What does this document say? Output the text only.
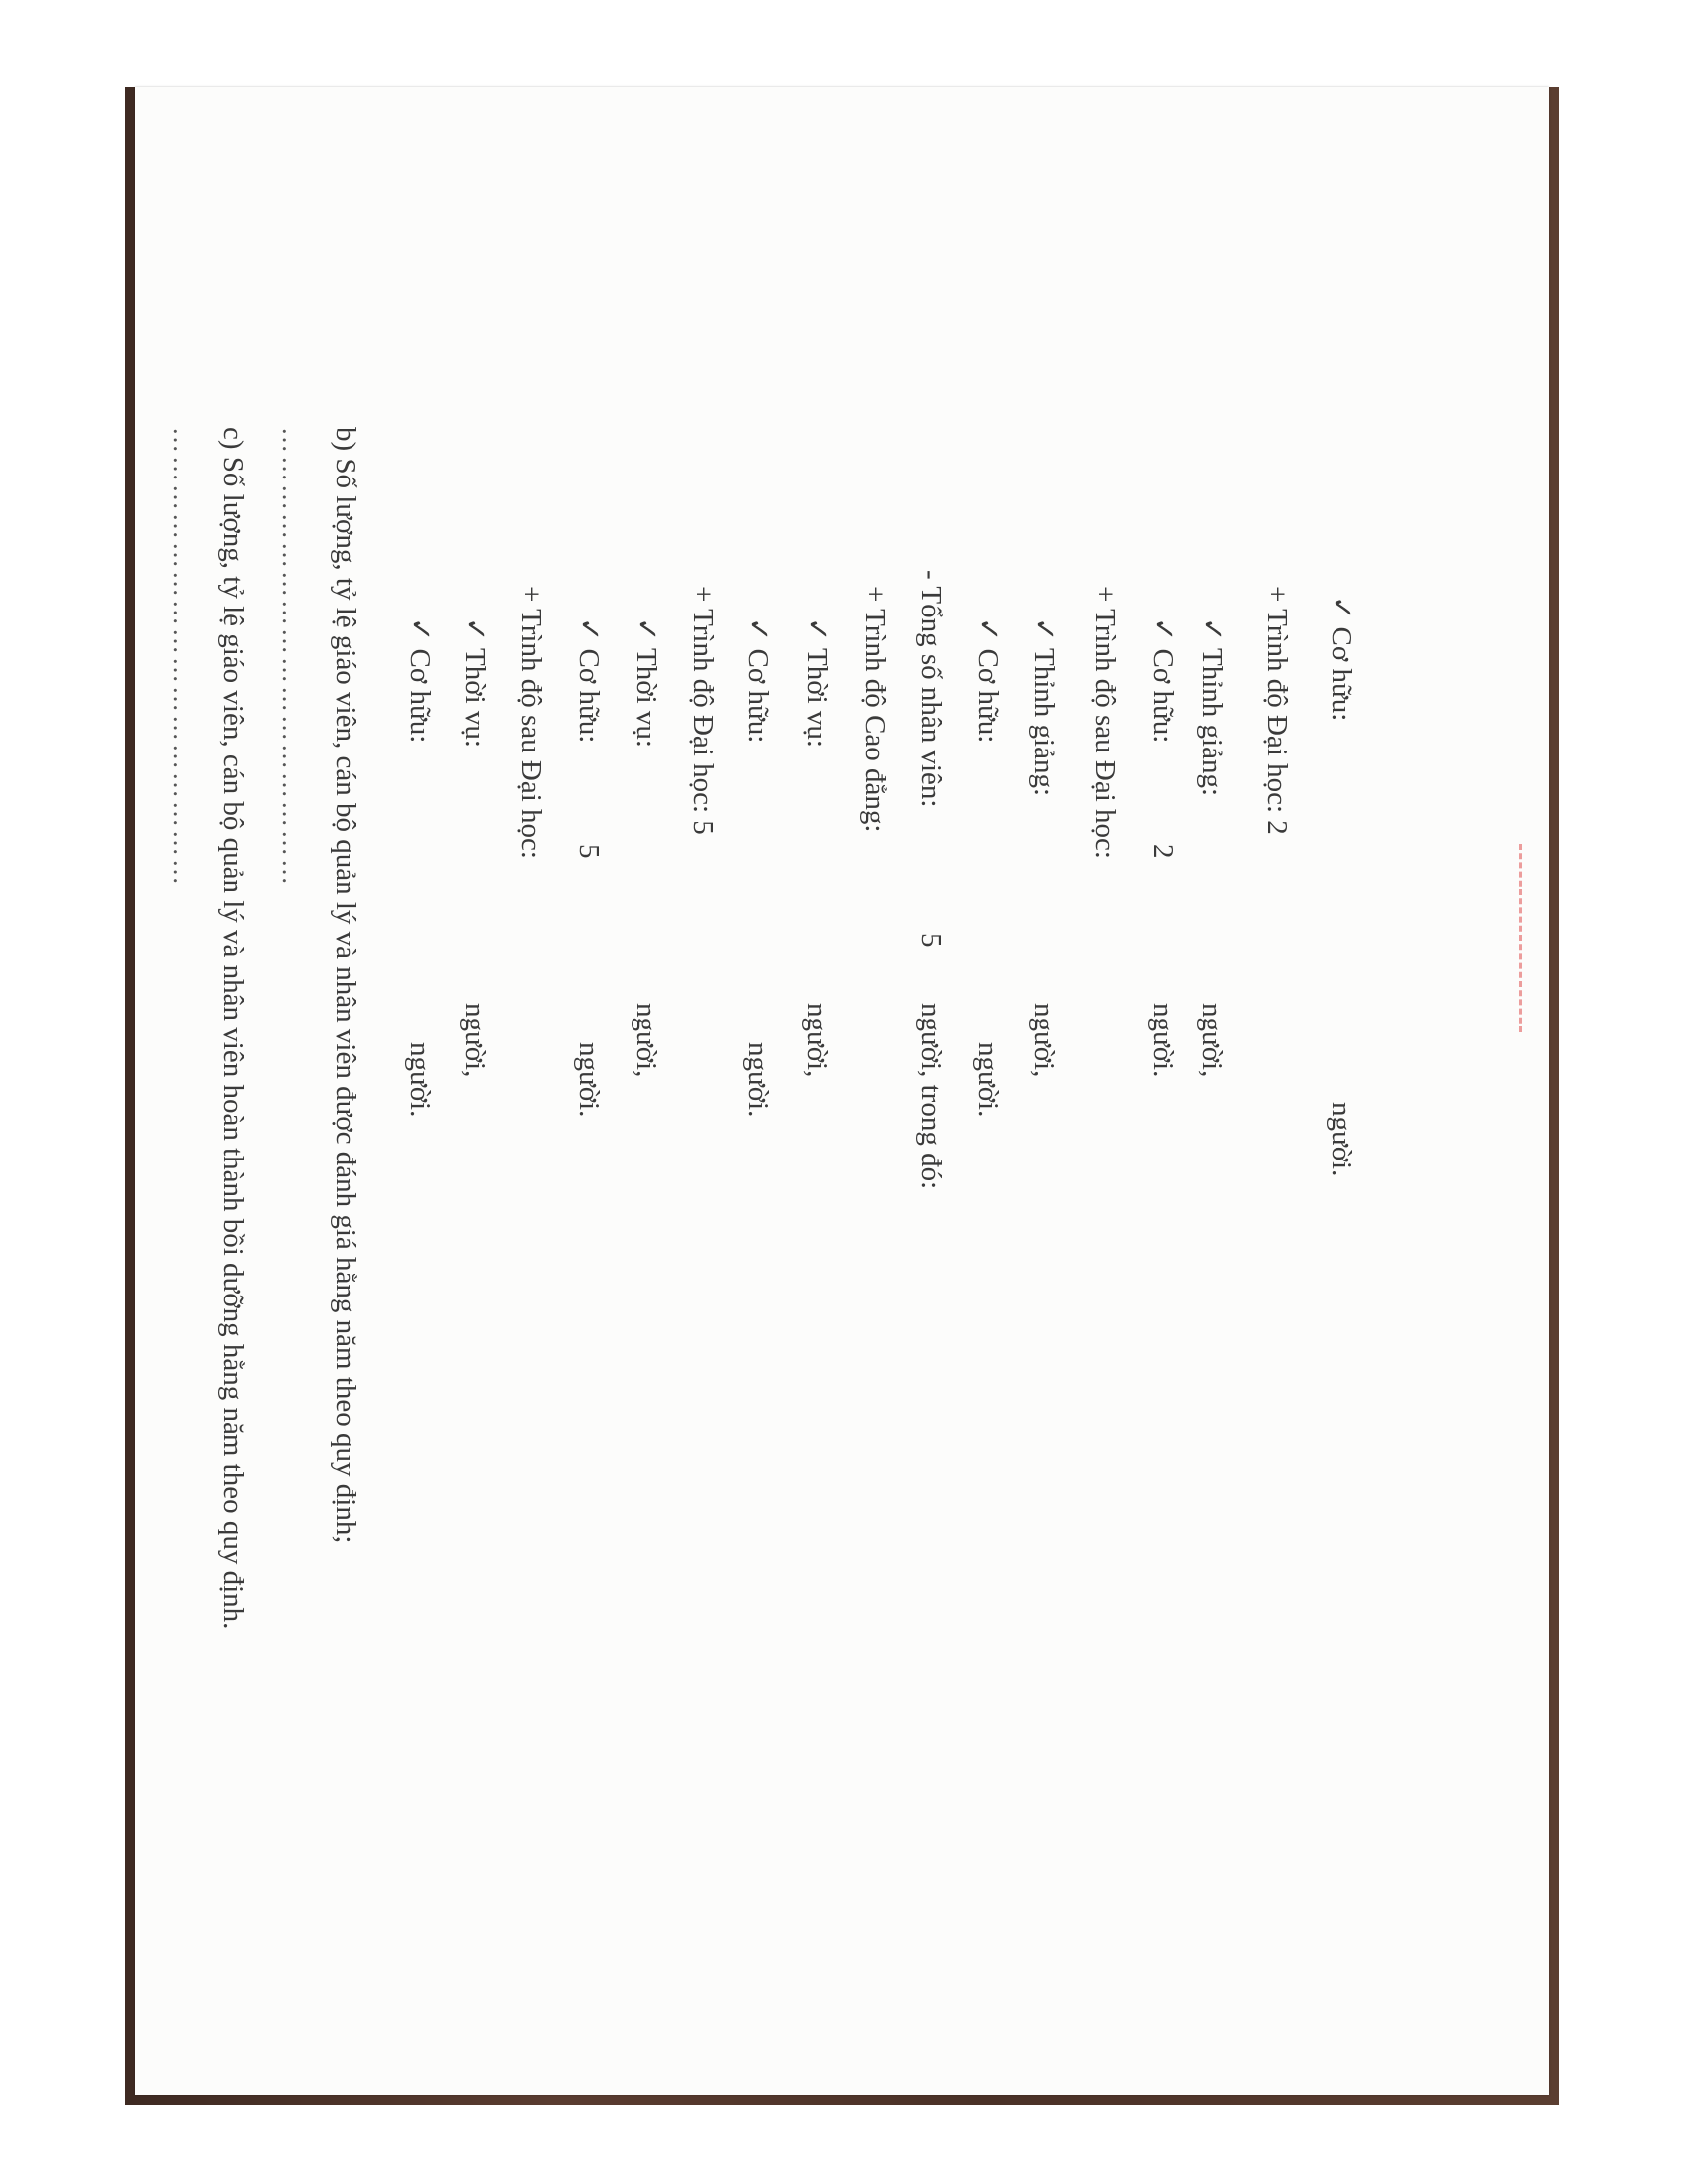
b) Số lượng, tỷ lệ giáo viên, cán bộ quản lý và nhân viên được đánh giá hằng năm theo quy định;
…………………………………………
c) Số lượng, tỷ lệ giáo viên, cán bộ quản lý và nhân viên hoàn thành bồi dưỡng hằng năm theo quy định.
…………………………………………	✓ Cơ hữu:
người.
+ Trình độ Đại học: 2
✓ Thỉnh giảng:
người,
✓ Cơ hữu:
2
người.
+ Trình độ sau Đại học:
✓ Thỉnh giảng:
người,
✓ Cơ hữu:
người.
- Tổng số nhân viên:
5
người, trong đó:
+ Trình độ Cao đẳng:
✓ Thời vụ:
người,
✓ Cơ hữu:
người.
+ Trình độ Đại học: 5
✓ Thời vụ:
người,
✓ Cơ hữu:
5
người.
+ Trình độ sau Đại học:
✓ Thời vụ:
người,
✓ Cơ hữu:
người.
